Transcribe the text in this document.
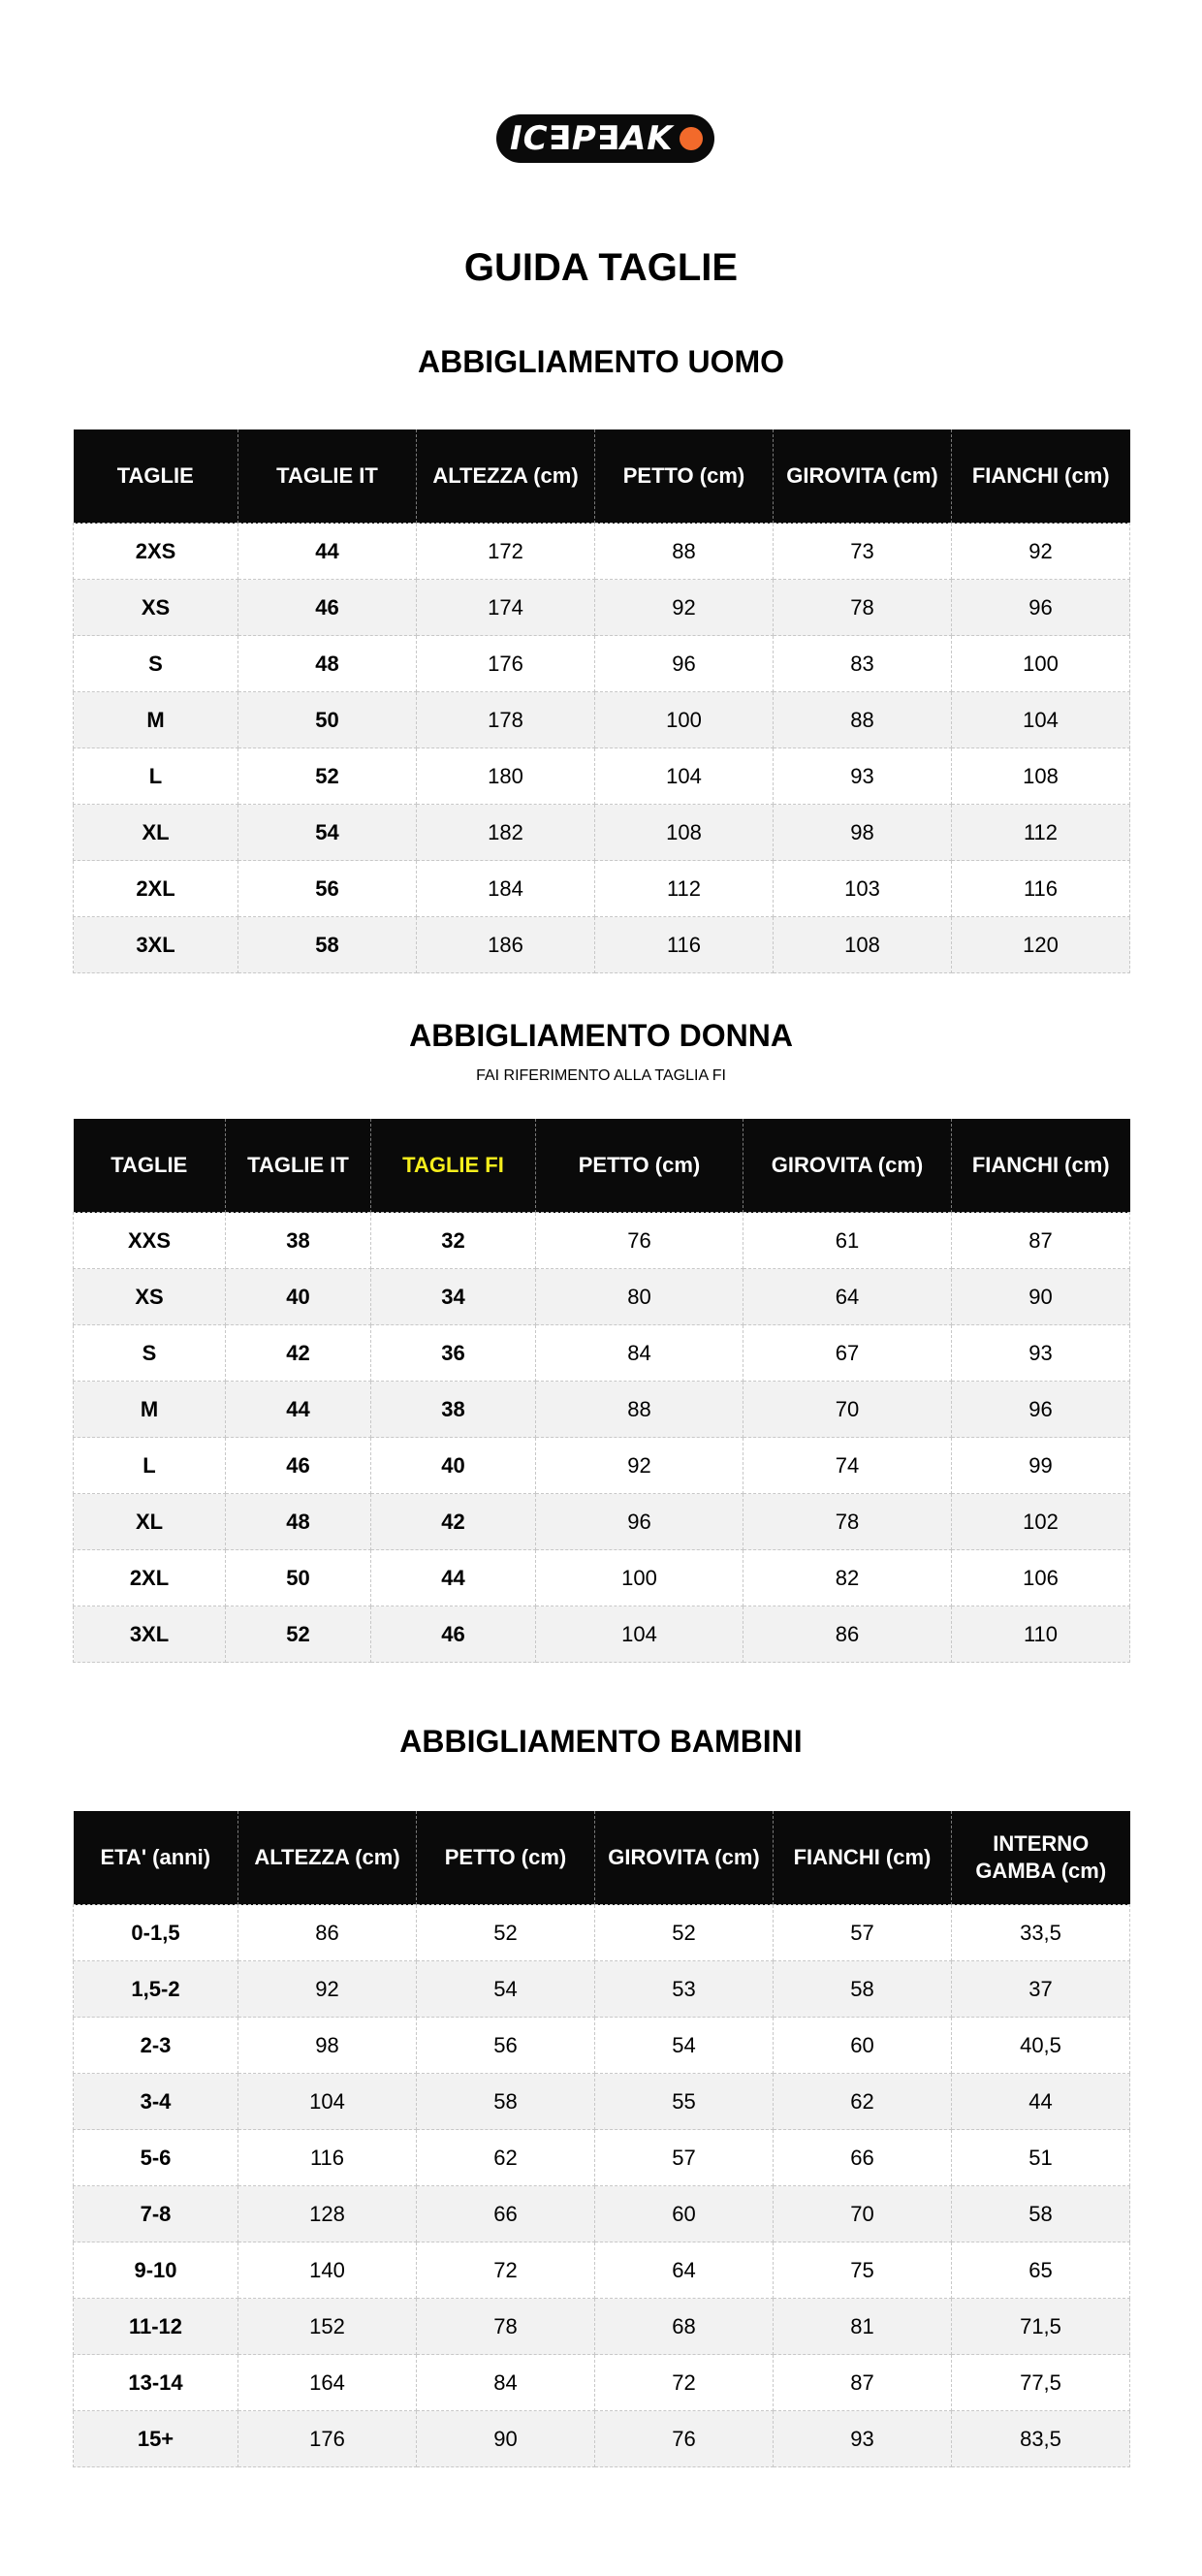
IC∃P∃AK
GUIDA TAGLIE
ABBIGLIAMENTO UOMO
TAGLIE	TAGLIE IT	ALTEZZA (cm)	PETTO (cm)	GIROVITA (cm)	FIANCHI (cm)
2XS	44	172	88	73	92
XS	46	174	92	78	96
S	48	176	96	83	100
M	50	178	100	88	104
L	52	180	104	93	108
XL	54	182	108	98	112
2XL	56	184	112	103	116
3XL	58	186	116	108	120
ABBIGLIAMENTO DONNA

FAI RIFERIMENTO ALLA TAGLIA FI

TAGLIE	TAGLIE IT	TAGLIE FI	PETTO (cm)	GIROVITA (cm)	FIANCHI (cm)
XXS	38	32	76	61	87
XS	40	34	80	64	90
S	42	36	84	67	93
M	44	38	88	70	96
L	46	40	92	74	99
XL	48	42	96	78	102
2XL	50	44	100	82	106
3XL	52	46	104	86	110
ABBIGLIAMENTO BAMBINI
ETA' (anni)	ALTEZZA (cm)	PETTO (cm)	GIROVITA (cm)	FIANCHI (cm)	INTERNO GAMBA (cm)
0-1,5	86	52	52	57	33,5
1,5-2	92	54	53	58	37
2-3	98	56	54	60	40,5
3-4	104	58	55	62	44
5-6	116	62	57	66	51
7-8	128	66	60	70	58
9-10	140	72	64	75	65
11-12	152	78	68	81	71,5
13-14	164	84	72	87	77,5
15+	176	90	76	93	83,5
